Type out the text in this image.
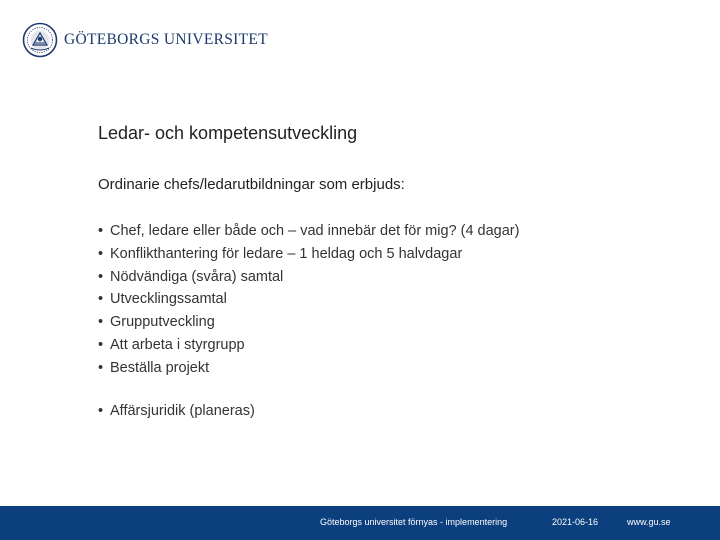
GÖTEBORGS UNIVERSITET
Ledar- och kompetensutveckling
Ordinarie chefs/ledarutbildningar som erbjuds:
• Chef, ledare eller både och – vad innebär det för mig? (4 dagar)
• Konflikthantering för ledare – 1 heldag och 5 halvdagar
• Nödvändiga (svåra) samtal
• Utvecklingssamtal
• Grupputveckling
• Att arbeta i styrgrupp
• Beställa projekt
• Affärsjuridik (planeras)
Göteborgs universitet förnyas - implementering	2021-06-16	www.gu.se
